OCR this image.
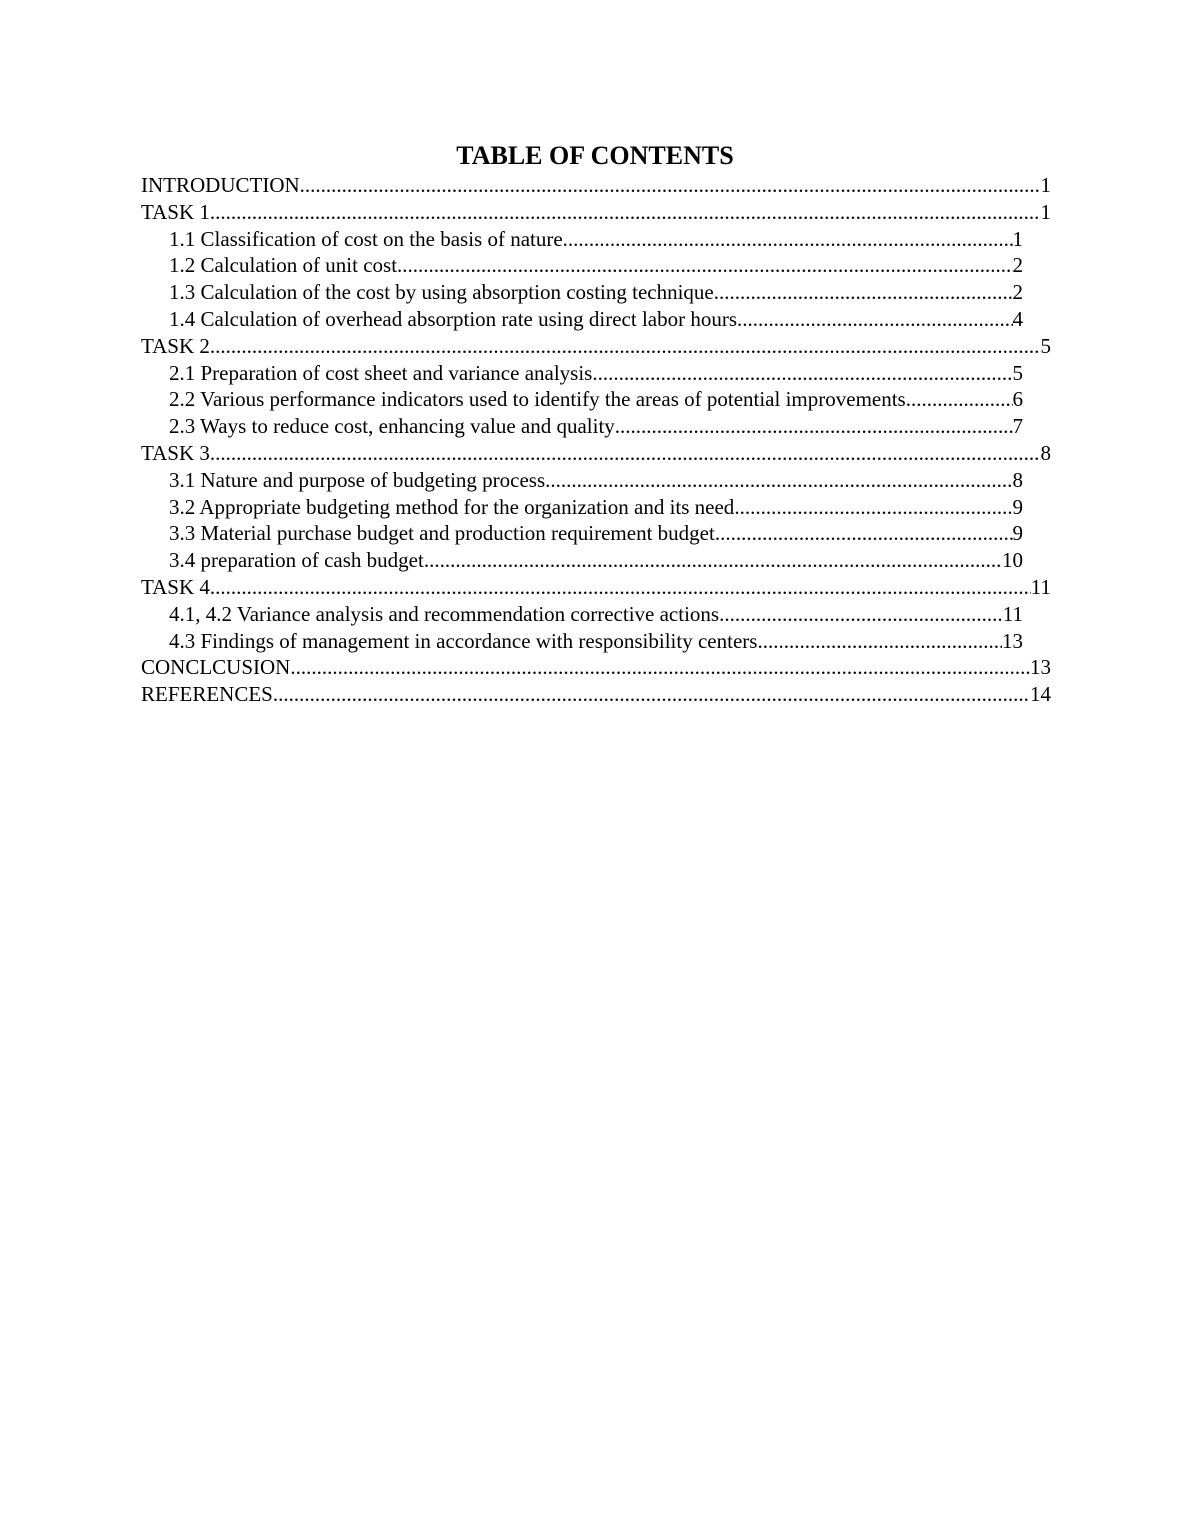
TABLE OF CONTENTS
INTRODUCTION .....	1
TASK 1 .....	1
1.1 Classification of cost on the basis of nature .....	1
1.2 Calculation of unit cost .....	2
1.3 Calculation of the cost by using absorption costing technique .....	2
1.4 Calculation of overhead absorption rate using direct labor hours .....	4
TASK 2 .....	5
2.1 Preparation of cost sheet and variance analysis .....	5
2.2 Various performance indicators used to identify the areas of potential improvements .....	6
2.3 Ways to reduce cost, enhancing value and quality .....	7
TASK 3 .....	8
3.1 Nature and purpose of budgeting process .....	8
3.2 Appropriate budgeting method for the organization and its need .....	9
3.3 Material purchase budget and production requirement budget .....	9
3.4 preparation of cash budget .....	10
TASK 4 .....	11
4.1, 4.2 Variance analysis and recommendation corrective actions .....	11
4.3 Findings of management in accordance with responsibility centers .....	13
CONCLCUSION .....	13
REFERENCES .....	14
